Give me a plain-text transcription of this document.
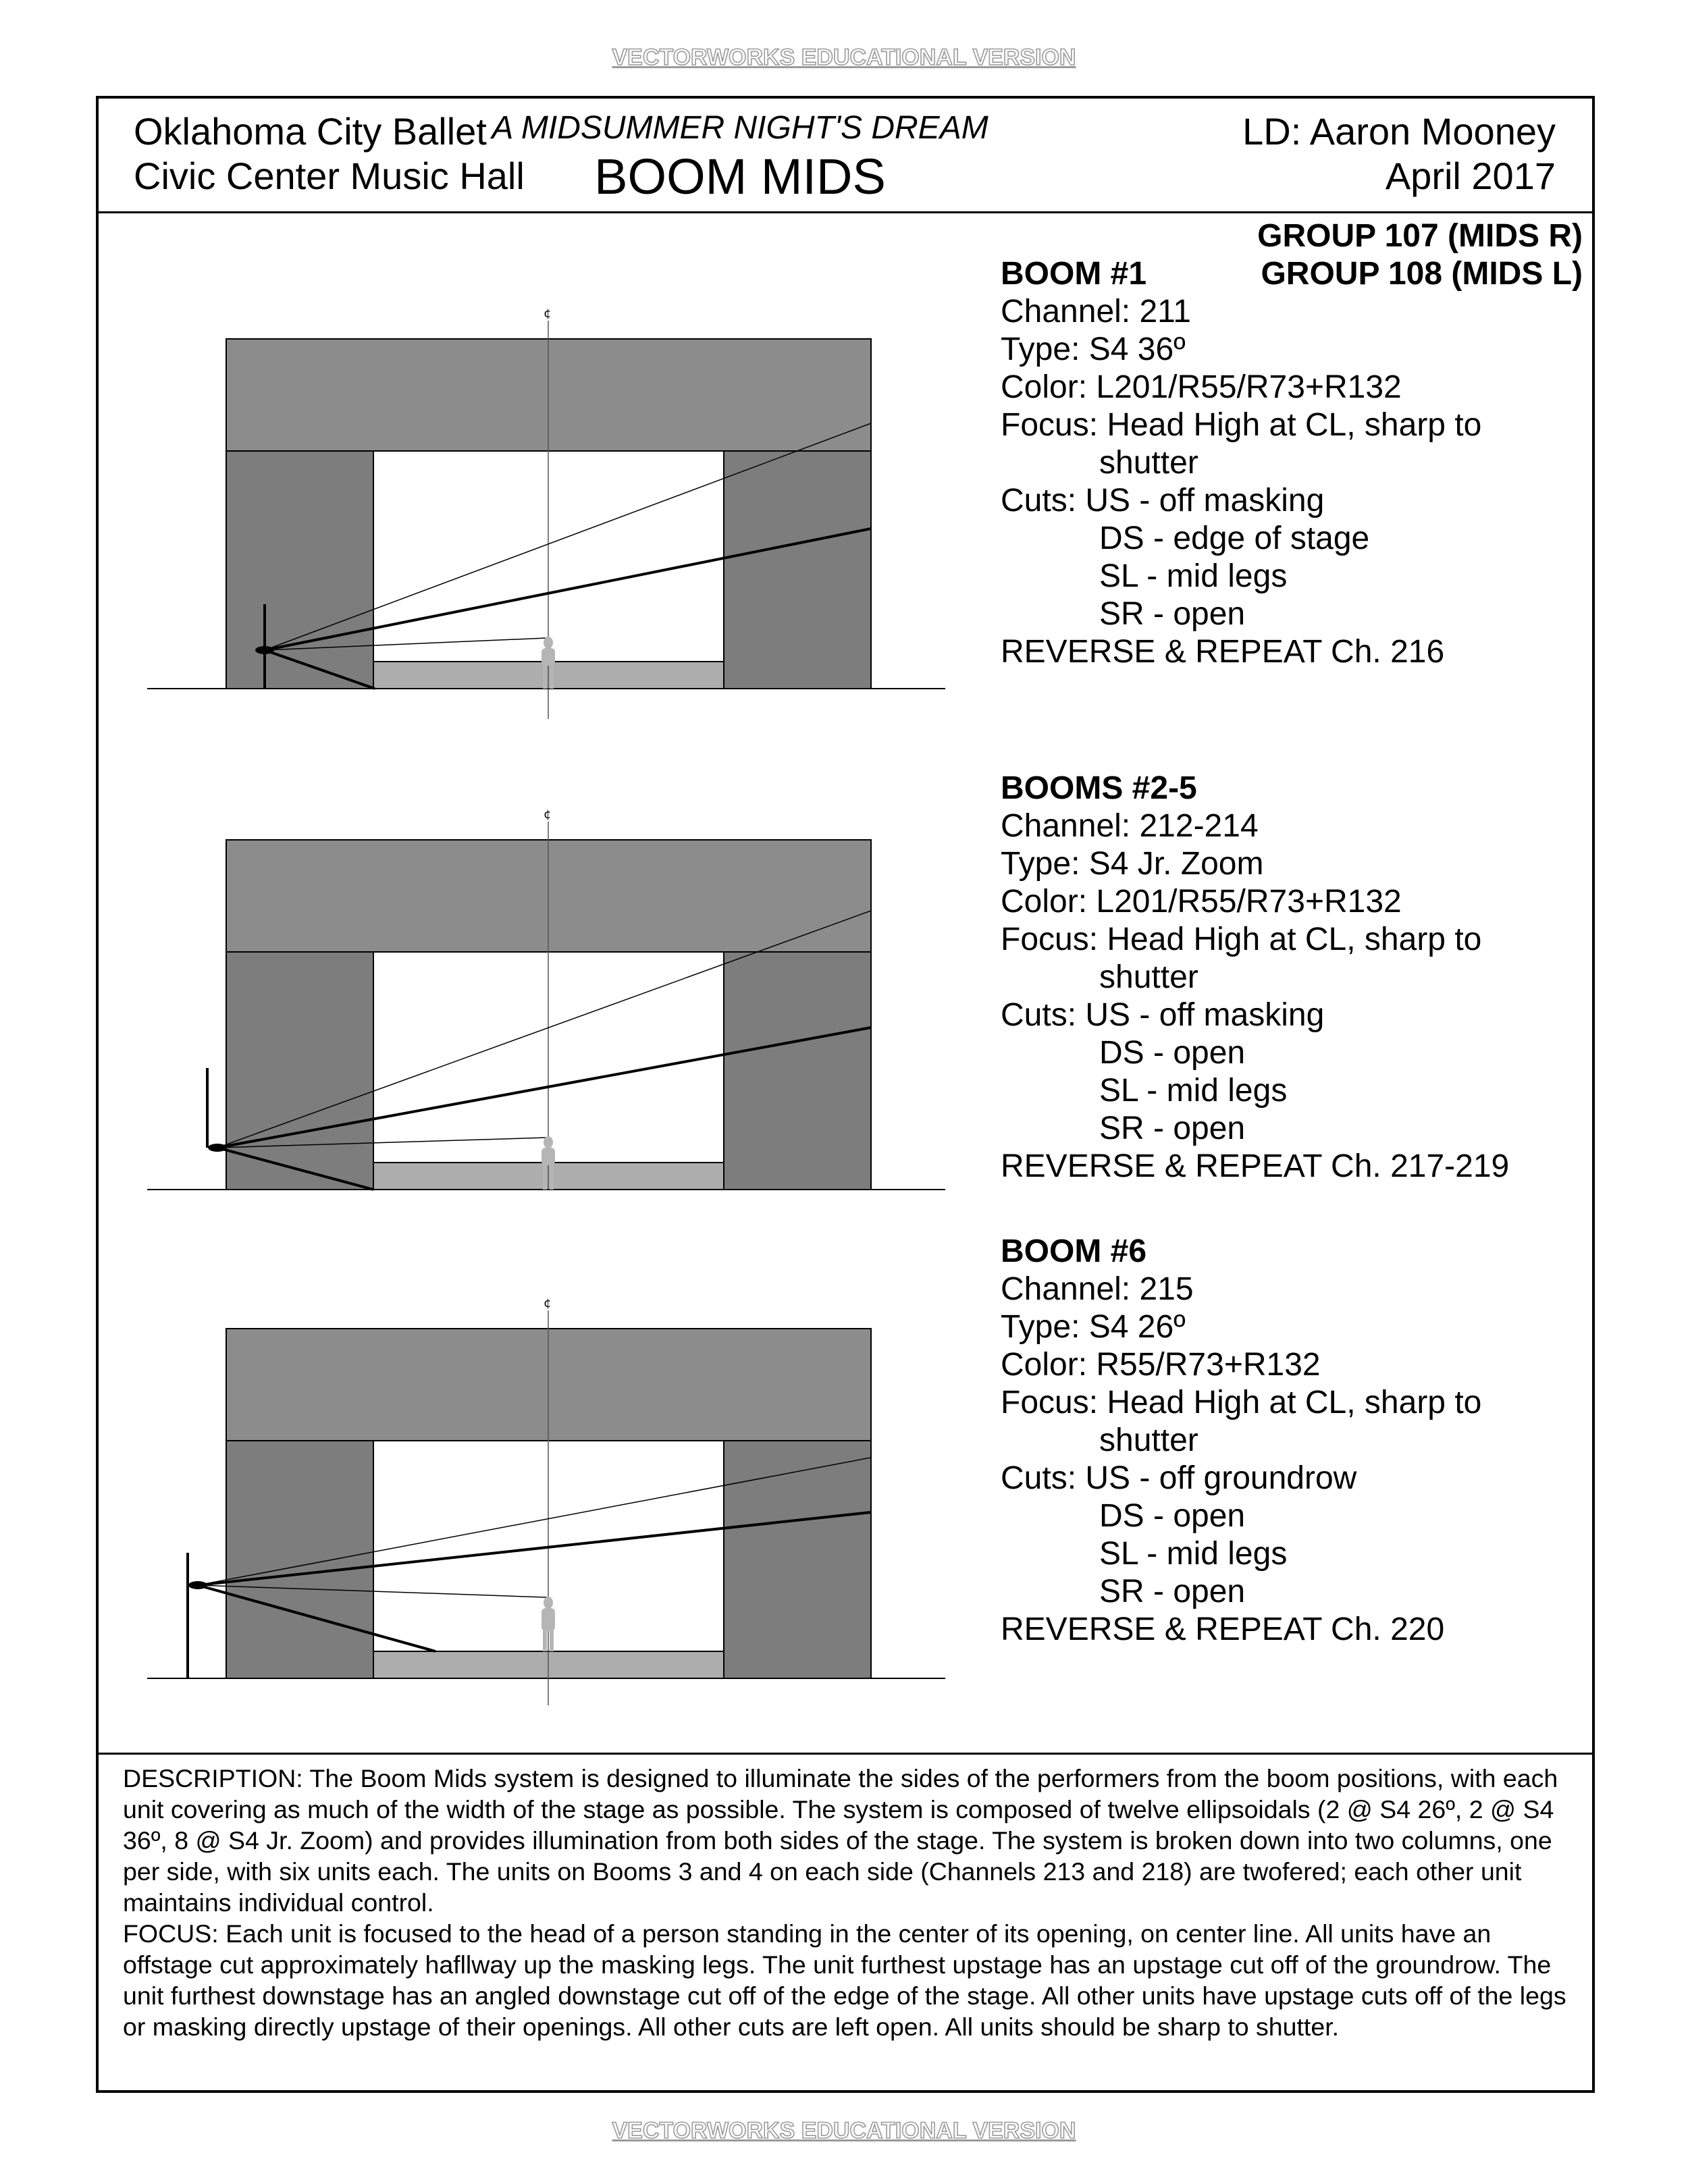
VECTORWORKS EDUCATIONAL VERSION
¢
¢
¢
Oklahoma City Ballet
Civic Center Music Hall
A MIDSUMMER NIGHT'S DREAM
BOOM MIDS
LD: Aaron Mooney
April 2017
GROUP 107 (MIDS R)
GROUP 108 (MIDS L)
BOOM #1
Channel: 211
Type: S4 36º
Color: L201/R55/R73+R132
Focus: Head High at CL, sharp to
shutter
Cuts: US - off masking
DS - edge of stage
SL - mid legs
SR - open
REVERSE & REPEAT Ch. 216
BOOMS #2-5
Channel: 212-214
Type: S4 Jr. Zoom
Color: L201/R55/R73+R132
Focus: Head High at CL, sharp to
shutter
Cuts: US - off masking
DS - open
SL - mid legs
SR - open
REVERSE & REPEAT Ch. 217-219
BOOM #6
Channel: 215
Type: S4 26º
Color: R55/R73+R132
Focus: Head High at CL, sharp to
shutter
Cuts: US - off groundrow
DS - open
SL - mid legs
SR - open
REVERSE & REPEAT Ch. 220

DESCRIPTION: The Boom Mids system is designed to illuminate the sides of the performers from the boom positions, with each unit covering as much of the width of the stage as possible. The system is composed of twelve ellipsoidals (2 @ S4 26º, 2 @ S4 36º, 8 @ S4 Jr. Zoom) and provides illumination from both sides of the stage. The system is broken down into two columns, one per side, with six units each. The units on Booms 3 and 4 on each side (Channels 213 and 218) are twofered; each other unit maintains individual control.

FOCUS: Each unit is focused to the head of a person standing in the center of its opening, on center line. All units have an offstage cut approximately hafllway up the masking legs. The unit furthest upstage has an upstage cut off of the groundrow. The unit furthest downstage has an angled downstage cut off of the edge of the stage. All other units have upstage cuts off of the legs or masking directly upstage of their openings. All other cuts are left open. All units should be sharp to shutter.

VECTORWORKS EDUCATIONAL VERSION
